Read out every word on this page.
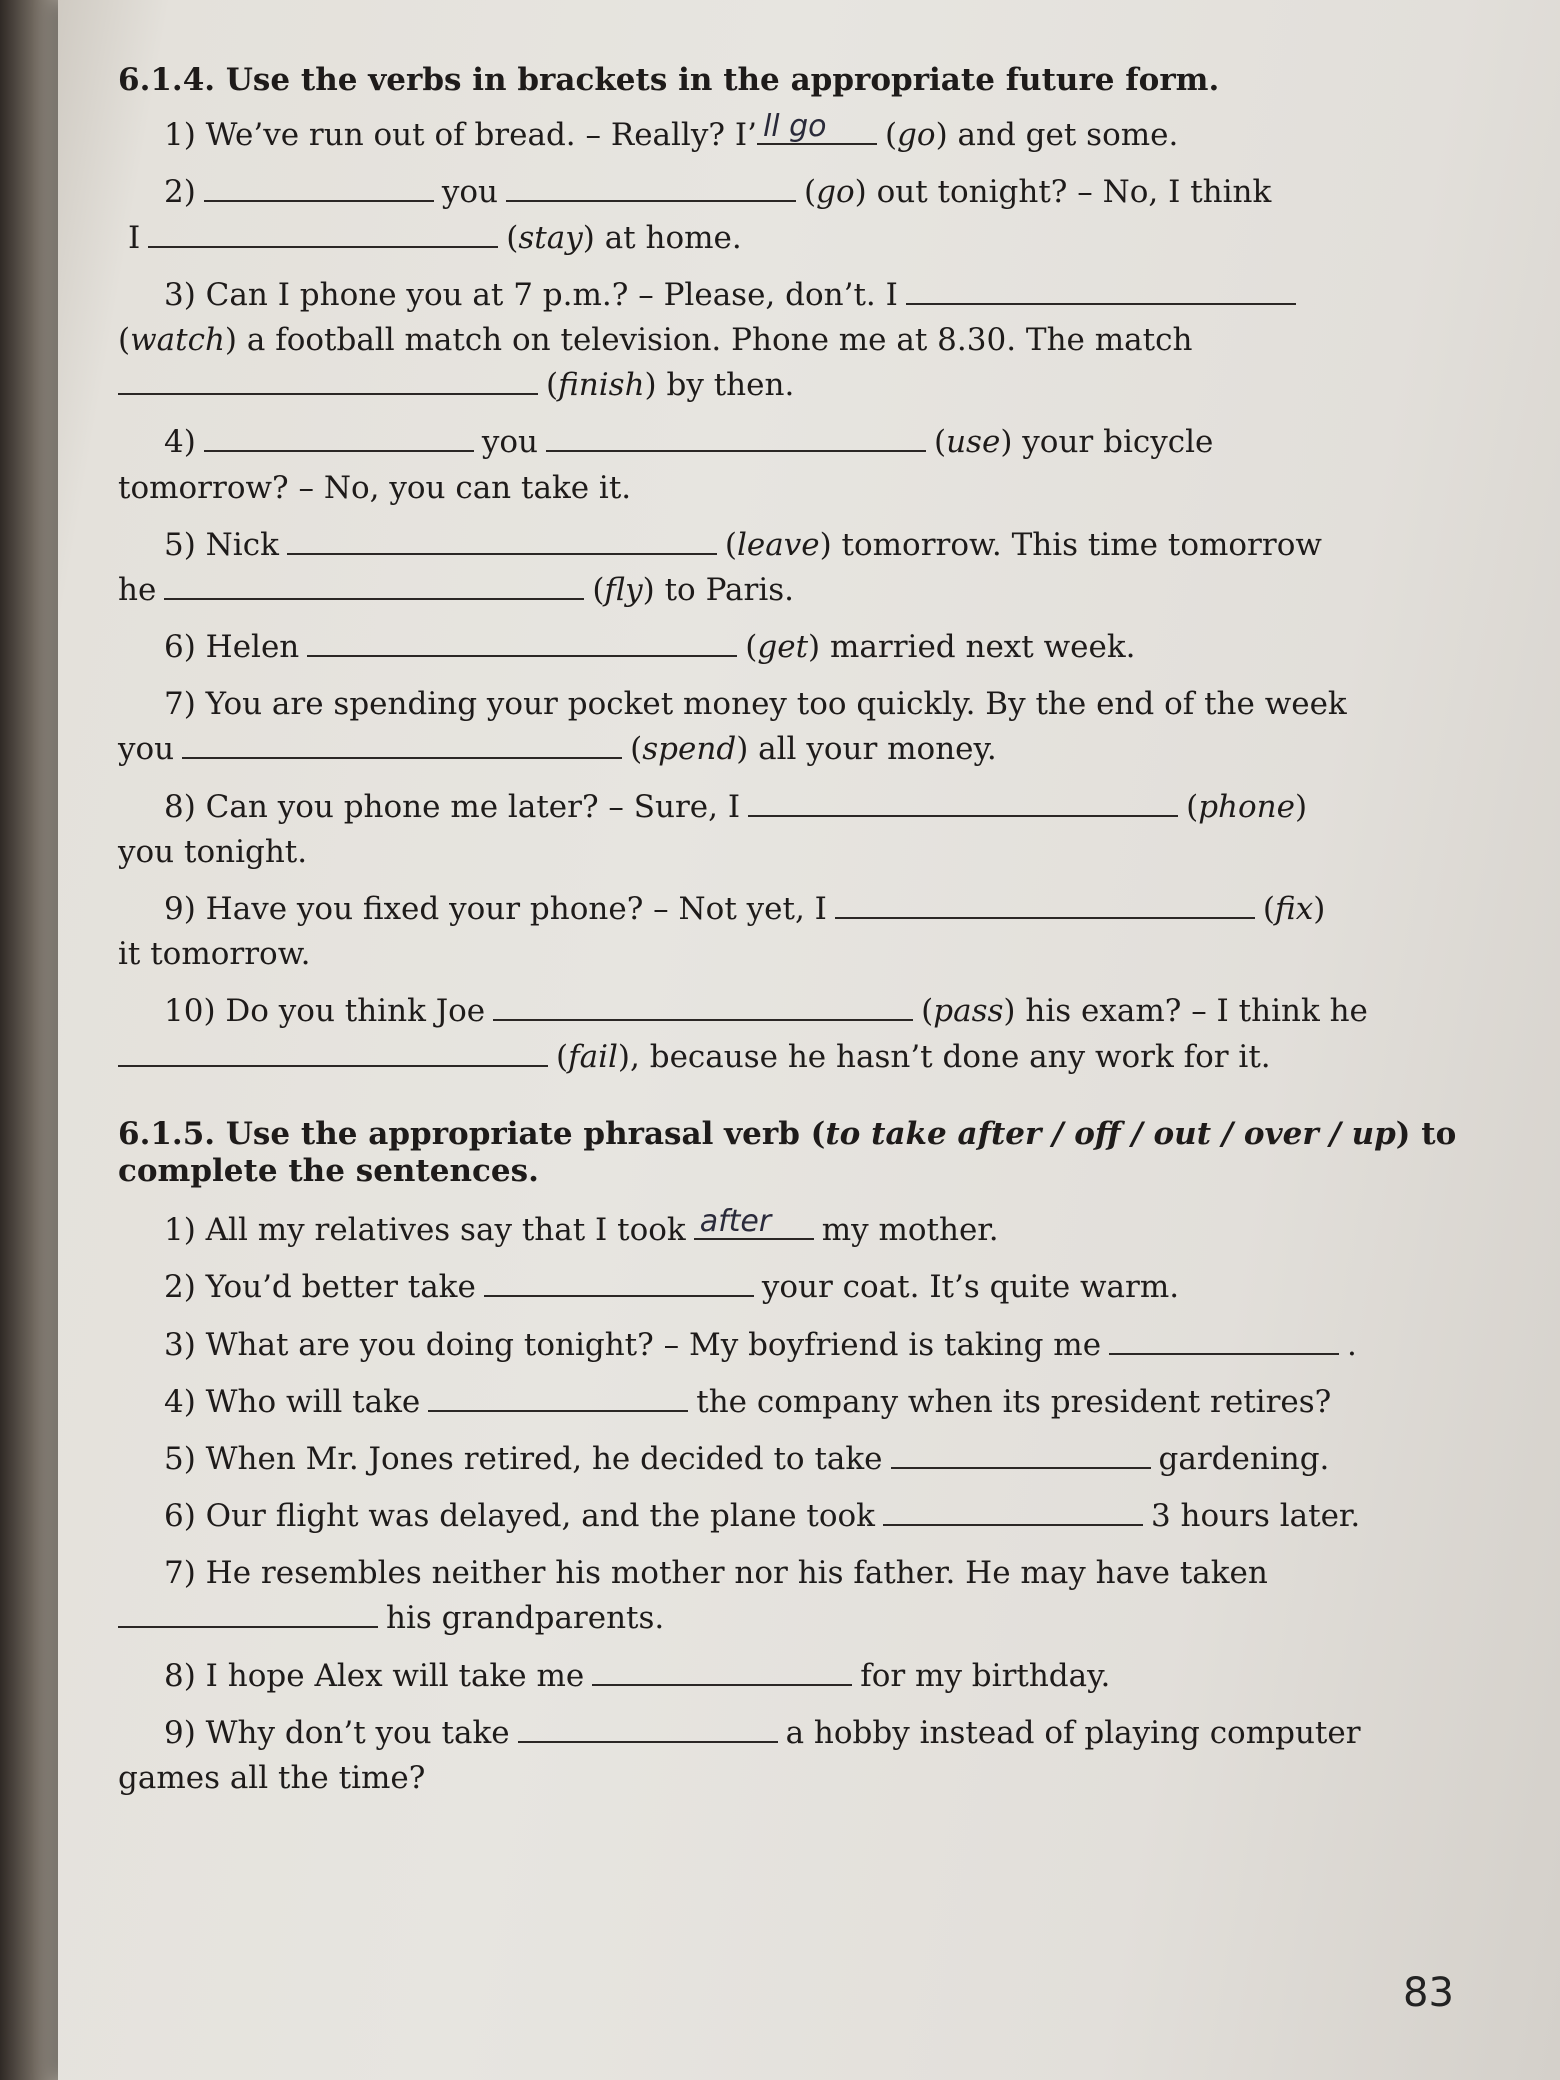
6.1.4. Use the verbs in brackets in the appropriate future form.
1) We’ve run out of bread. – Really? I’ ll go (go) and get some.
2)	you	(go) out tonight? – No, I think
I	(stay) at home.
3) Can I phone you at 7 p.m.? – Please, don’t. I
(watch) a football match on television. Phone me at 8.30. The match
(finish) by then.
4)	you	(use) your bicycle
tomorrow? – No, you can take it.
5) Nick	(leave) tomorrow. This time tomorrow
he	(fly) to Paris.
6) Helen	(get) married next week.
7) You are spending your pocket money too quickly. By the end of the week
you	(spend) all your money.
8) Can you phone me later? – Sure, I	(phone)
you tonight.
9) Have you fixed your phone? – Not yet, I	(fix)
it tomorrow.
10) Do you think Joe	(pass) his exam? – I think he
(fail), because he hasn’t done any work for it.
6.1.5. Use the appropriate phrasal verb (to take after / off / out / over / up) to complete the sentences.
1) All my relatives say that I took after my mother.
2) You’d better take	your coat. It’s quite warm.
3) What are you doing tonight? – My boyfriend is taking me	.
4) Who will take	the company when its president retires?
5) When Mr. Jones retired, he decided to take	gardening.
6) Our flight was delayed, and the plane took	3 hours later.
7) He resembles neither his mother nor his father. He may have taken
his grandparents.
8) I hope Alex will take me	for my birthday.
9) Why don’t you take	a hobby instead of playing computer
games all the time?
83
